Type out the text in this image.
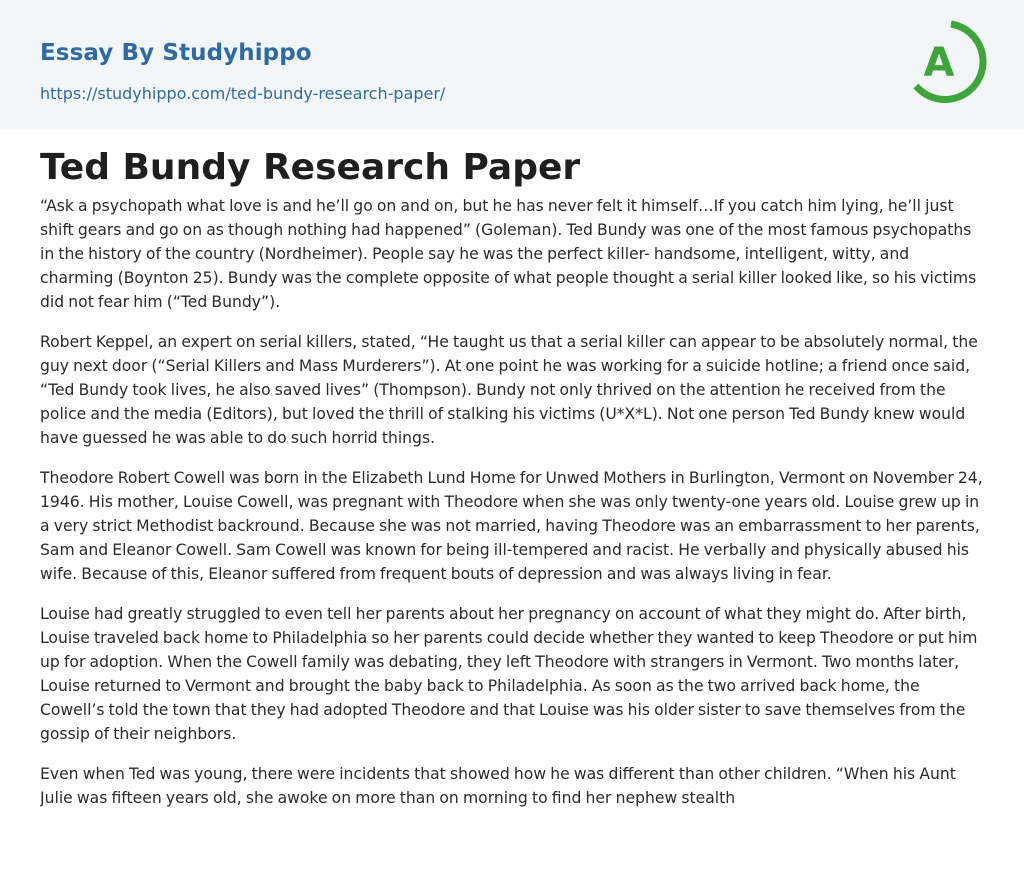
Essay By Studyhippo
https://studyhippo.com/ted-bundy-research-paper/
A
Ted Bundy Research Paper

“Ask a psychopath what love is and he’ll go on and on, but he has never felt it himself…If you catch him lying, he’ll just shift gears and go on as though nothing had happened” (Goleman). Ted Bundy was one of the most famous psychopaths in the history of the country (Nordheimer). People say he was the perfect killer- handsome, intelligent, witty, and charming (Boynton 25). Bundy was the complete opposite of what people thought a serial killer looked like, so his victims did not fear him (“Ted Bundy”).

Robert Keppel, an expert on serial killers, stated, “He taught us that a serial killer can appear to be absolutely normal, the guy next door (“Serial Killers and Mass Murderers”). At one point he was working for a suicide hotline; a friend once said, “Ted Bundy took lives, he also saved lives” (Thompson). Bundy not only thrived on the attention he received from the police and the media (Editors), but loved the thrill of stalking his victims (U*X*L). Not one person Ted Bundy knew would have guessed he was able to do such horrid things.

Theodore Robert Cowell was born in the Elizabeth Lund Home for Unwed Mothers in Burlington, Vermont on November 24, 1946. His mother, Louise Cowell, was pregnant with Theodore when she was only twenty-one years old. Louise grew up in a very strict Methodist backround. Because she was not married, having Theodore was an embarrassment to her parents, Sam and Eleanor Cowell. Sam Cowell was known for being ill-tempered and racist. He verbally and physically abused his wife. Because of this, Eleanor suffered from frequent bouts of depression and was always living in fear.

Louise had greatly struggled to even tell her parents about her pregnancy on account of what they might do. After birth, Louise traveled back home to Philadelphia so her parents could decide whether they wanted to keep Theodore or put him up for adoption. When the Cowell family was debating, they left Theodore with strangers in Vermont. Two months later, Louise returned to Vermont and brought the baby back to Philadelphia. As soon as the two arrived back home, the Cowell’s told the town that they had adopted Theodore and that Louise was his older sister to save themselves from the gossip of their neighbors.

Even when Ted was young, there were incidents that showed how he was different than other children. “When his Aunt Julie was fifteen years old, she awoke on more than on morning to find her nephew stealth
